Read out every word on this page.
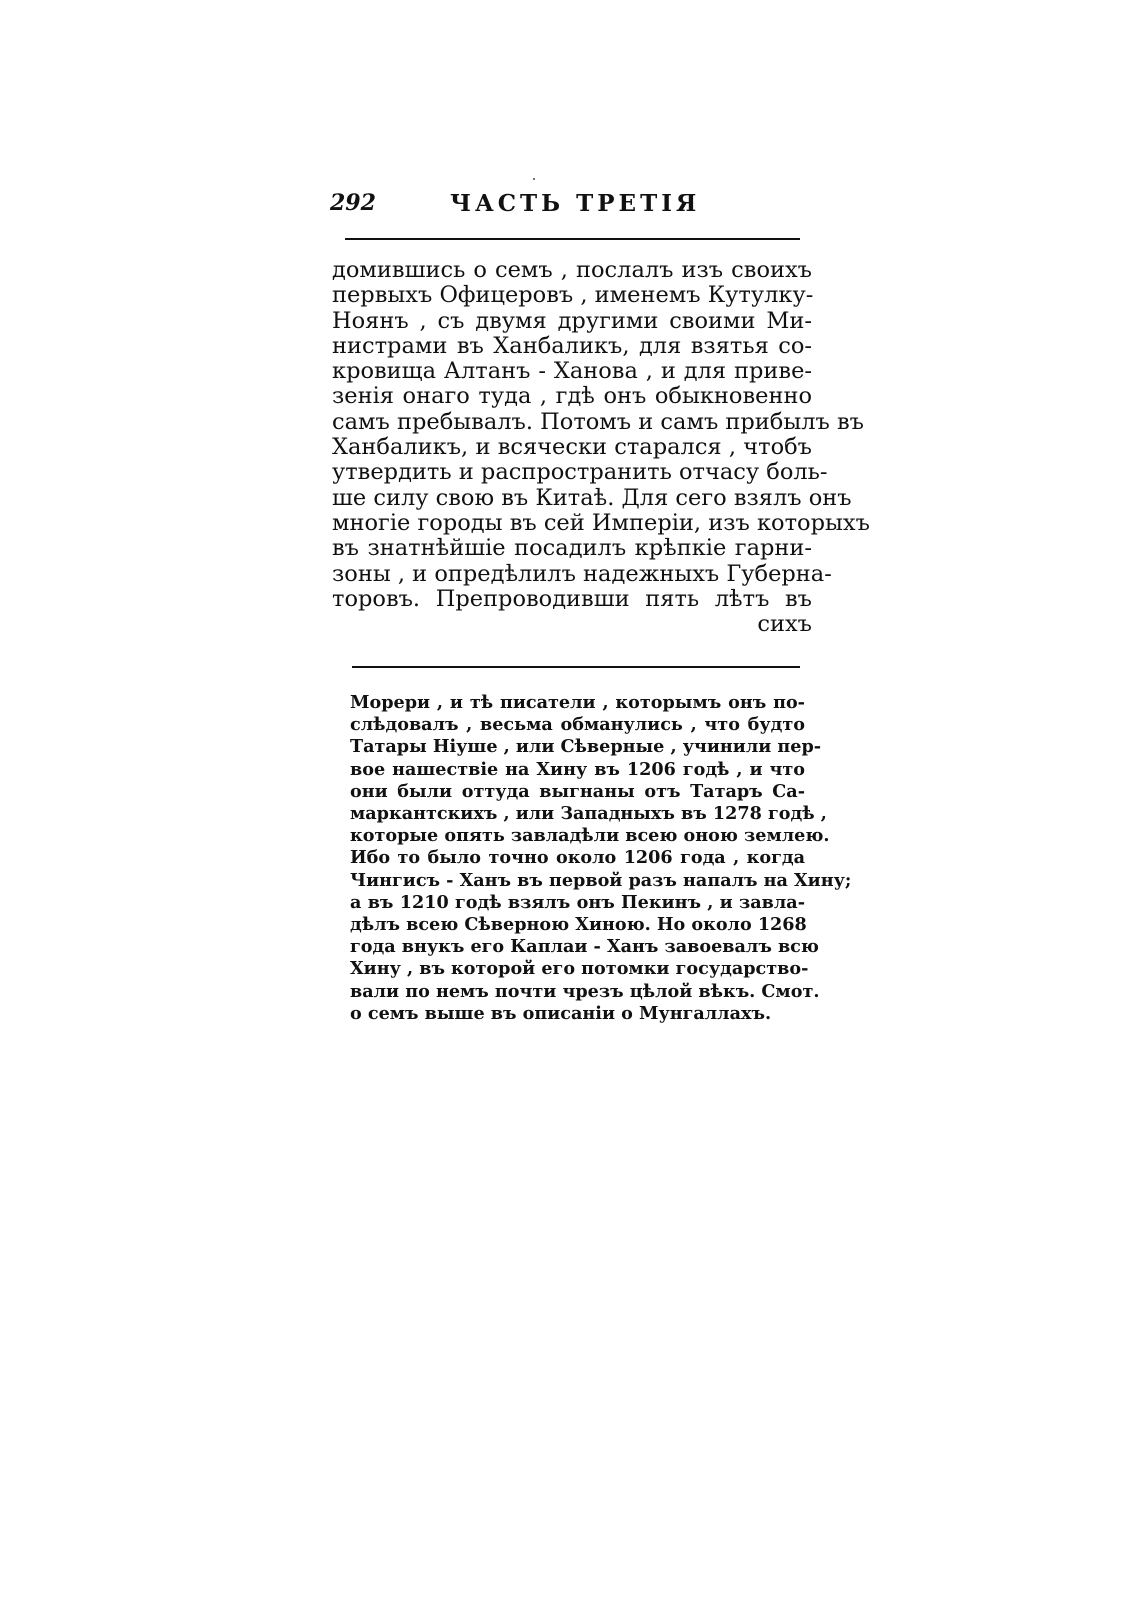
292	ЧАСТЬ ТРЕТІЯ
домившись о семъ , послалъ изъ своихъ
первыхъ Офицеровъ , именемъ Кутулку-
Ноянъ , съ двумя другими своими Ми-
нистрами въ Ханбаликъ, для взятья со-
кровища Алтанъ - Ханова , и для приве-
зенія онаго туда , гдѣ онъ обыкновенно
самъ пребывалъ. Потомъ и самъ прибылъ въ
Ханбаликъ, и всячески старался , чтобъ
утвердить и распространить отчасу боль-
ше силу свою въ Китаѣ. Для сего взялъ онъ
многіе городы въ сей Имперіи, изъ которыхъ
въ знатнѣйшіе посадилъ крѣпкіе гарни-
зоны , и опредѣлилъ надежныхъ Губерна-
торовъ. Препроводивши пять лѣтъ въ
сихъ
Морери , и тѣ писатели , которымъ онъ по-
слѣдовалъ , весьма обманулись , что будто
Татары Ніуше , или Сѣверные , учинили пер-
вое нашествіе на Хину въ 1206 годѣ , и что
они были оттуда выгнаны отъ Татаръ Са-
маркантскихъ , или Западныхъ въ 1278 годѣ ,
которые опять завладѣли всею оною землею.
Ибо то было точно около 1206 года , когда
Чингисъ - Ханъ въ первой разъ напалъ на Хину;
а въ 1210 годѣ взялъ онъ Пекинъ , и завла-
дѣлъ всею Сѣверною Хиною. Но около 1268
года внукъ его Каплаи - Ханъ завоевалъ всю
Хину , въ которой его потомки государство-
вали по немъ почти чрезъ цѣлой вѣкъ. Смот.
о семъ выше въ описаніи о Мунгаллахъ.
